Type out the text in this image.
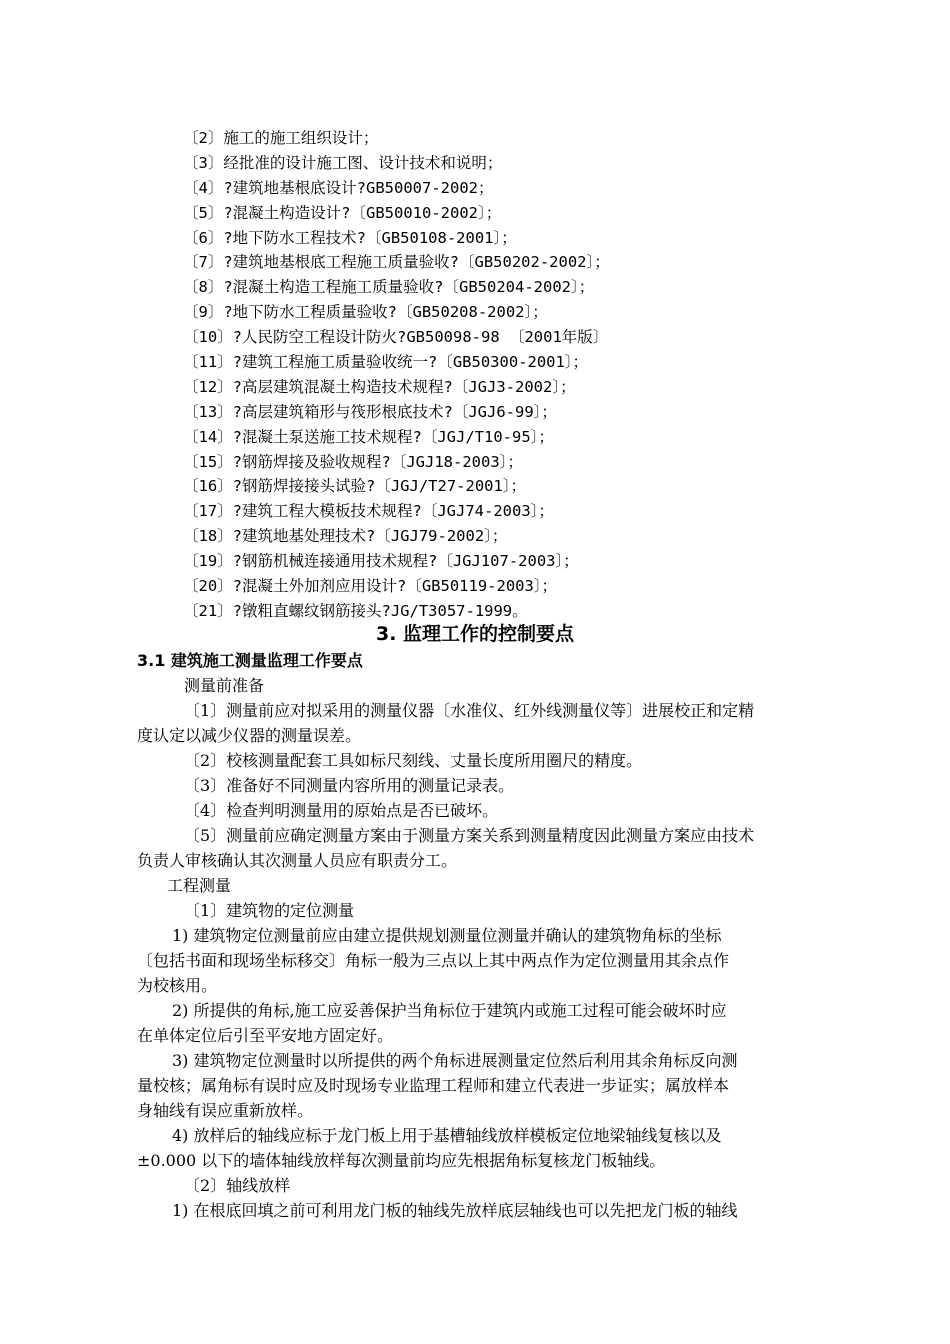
〔2〕施工的施工组织设计；
〔3〕经批准的设计施工图、设计技术和说明；
〔4〕?建筑地基根底设计?GB50007-2002；
〔5〕?混凝土构造设计?〔GB50010-2002〕；
〔6〕?地下防水工程技术?〔GB50108-2001〕；
〔7〕?建筑地基根底工程施工质量验收?〔GB50202-2002〕；
〔8〕?混凝土构造工程施工质量验收?〔GB50204-2002〕；
〔9〕?地下防水工程质量验收?〔GB50208-2002〕；
〔10〕?人民防空工程设计防火?GB50098-98 〔2001年版〕
〔11〕?建筑工程施工质量验收统一?〔GB50300-2001〕；
〔12〕?高层建筑混凝土构造技术规程?〔JGJ3-2002〕；
〔13〕?高层建筑箱形与筏形根底技术?〔JGJ6-99〕；
〔14〕?混凝土泵送施工技术规程?〔JGJ/T10-95〕；
〔15〕?钢筋焊接及验收规程?〔JGJ18-2003〕；
〔16〕?钢筋焊接接头试验?〔JGJ/T27-2001〕；
〔17〕?建筑工程大模板技术规程?〔JGJ74-2003〕；
〔18〕?建筑地基处理技术?〔JGJ79-2002〕；
〔19〕?钢筋机械连接通用技术规程?〔JGJ107-2003〕；
〔20〕?混凝土外加剂应用设计?〔GB50119-2003〕；
〔21〕?镦粗直螺纹钢筋接头?JG/T3057-1999。
3. 监理工作的控制要点
3.1 建筑施工测量监理工作要点
测量前准备
〔1〕测量前应对拟采用的测量仪器〔水准仪、红外线测量仪等〕进展校正和定精
度认定以减少仪器的测量误差。
〔2〕校核测量配套工具如标尺刻线、丈量长度所用圈尺的精度。
〔3〕准备好不同测量内容所用的测量记录表。
〔4〕检查判明测量用的原始点是否已破坏。
〔5〕测量前应确定测量方案由于测量方案关系到测量精度因此测量方案应由技术
负责人审核确认其次测量人员应有职责分工。
工程测量
〔1〕建筑物的定位测量
1) 建筑物定位测量前应由建立提供规划测量位测量并确认的建筑物角标的坐标
〔包括书面和现场坐标移交〕角标一般为三点以上其中两点作为定位测量用其余点作
为校核用。
2) 所提供的角标,施工应妥善保护当角标位于建筑内或施工过程可能会破坏时应
在单体定位后引至平安地方固定好。
3) 建筑物定位测量时以所提供的两个角标进展测量定位然后利用其余角标反向测
量校核；属角标有误时应及时现场专业监理工程师和建立代表进一步证实；属放样本
身轴线有误应重新放样。
4) 放样后的轴线应标于龙门板上用于基槽轴线放样模板定位地梁轴线复核以及
±0.000 以下的墙体轴线放样每次测量前均应先根据角标复核龙门板轴线。
〔2〕轴线放样
1) 在根底回填之前可利用龙门板的轴线先放样底层轴线也可以先把龙门板的轴线
